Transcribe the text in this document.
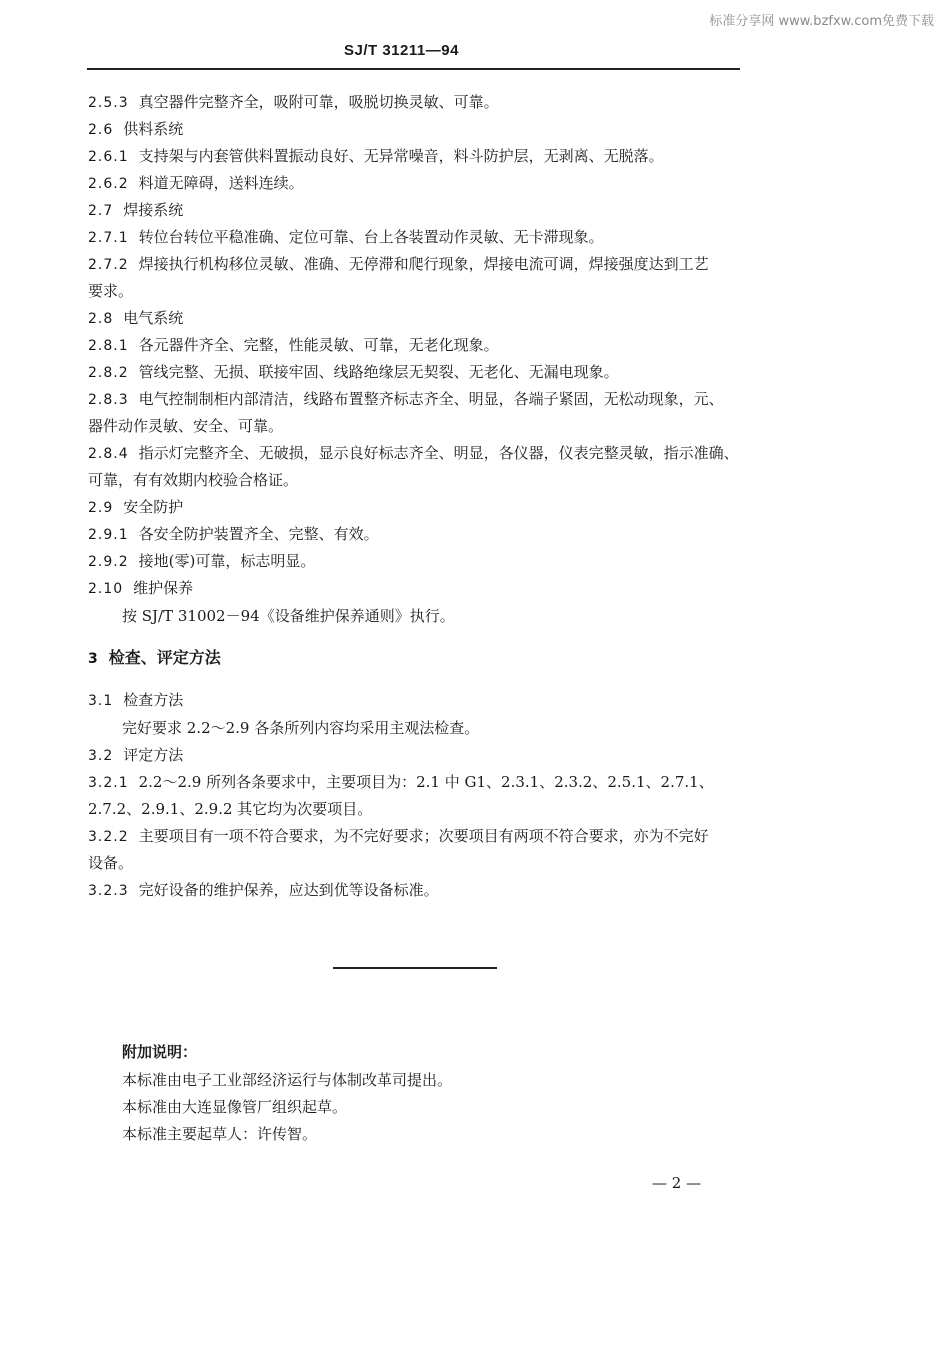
标准分享网 www.bzfxw.com免费下载
SJ/T 31211—94
2.5.3 真空器件完整齐全，吸附可靠，吸脱切换灵敏、可靠。
2.6 供料系统
2.6.1 支持架与内套管供料置振动良好、无异常噪音，料斗防护层，无剥离、无脱落。
2.6.2 料道无障碍，送料连续。
2.7 焊接系统
2.7.1 转位台转位平稳准确、定位可靠、台上各装置动作灵敏、无卡滞现象。
2.7.2 焊接执行机构移位灵敏、准确、无停滞和爬行现象，焊接电流可调，焊接强度达到工艺
要求。
2.8 电气系统
2.8.1 各元器件齐全、完整，性能灵敏、可靠，无老化现象。
2.8.2 管线完整、无损、联接牢固、线路绝缘层无契裂、无老化、无漏电现象。
2.8.3 电气控制制柜内部清洁，线路布置整齐标志齐全、明显，各端子紧固，无松动现象，元、
器件动作灵敏、安全、可靠。
2.8.4 指示灯完整齐全、无破损，显示良好标志齐全、明显，各仪器，仪表完整灵敏，指示准确、
可靠，有有效期内校验合格证。
2.9 安全防护
2.9.1 各安全防护装置齐全、完整、有效。
2.9.2 接地(零)可靠，标志明显。
2.10 维护保养
按 SJ/T 31002－94《设备维护保养通则》执行。
3 检查、评定方法
3.1 检查方法
完好要求 2.2～2.9 各条所列内容均采用主观法检查。
3.2 评定方法
3.2.1 2.2～2.9 所列各条要求中，主要项目为：2.1 中 G1、2.3.1、2.3.2、2.5.1、2.7.1、
2.7.2、2.9.1、2.9.2 其它均为次要项目。
3.2.2 主要项目有一项不符合要求，为不完好要求；次要项目有两项不符合要求，亦为不完好
设备。
3.2.3 完好设备的维护保养，应达到优等设备标准。
附加说明：
本标准由电子工业部经济运行与体制改革司提出。
本标准由大连显像管厂组织起草。
本标准主要起草人：许传智。
— 2 —
